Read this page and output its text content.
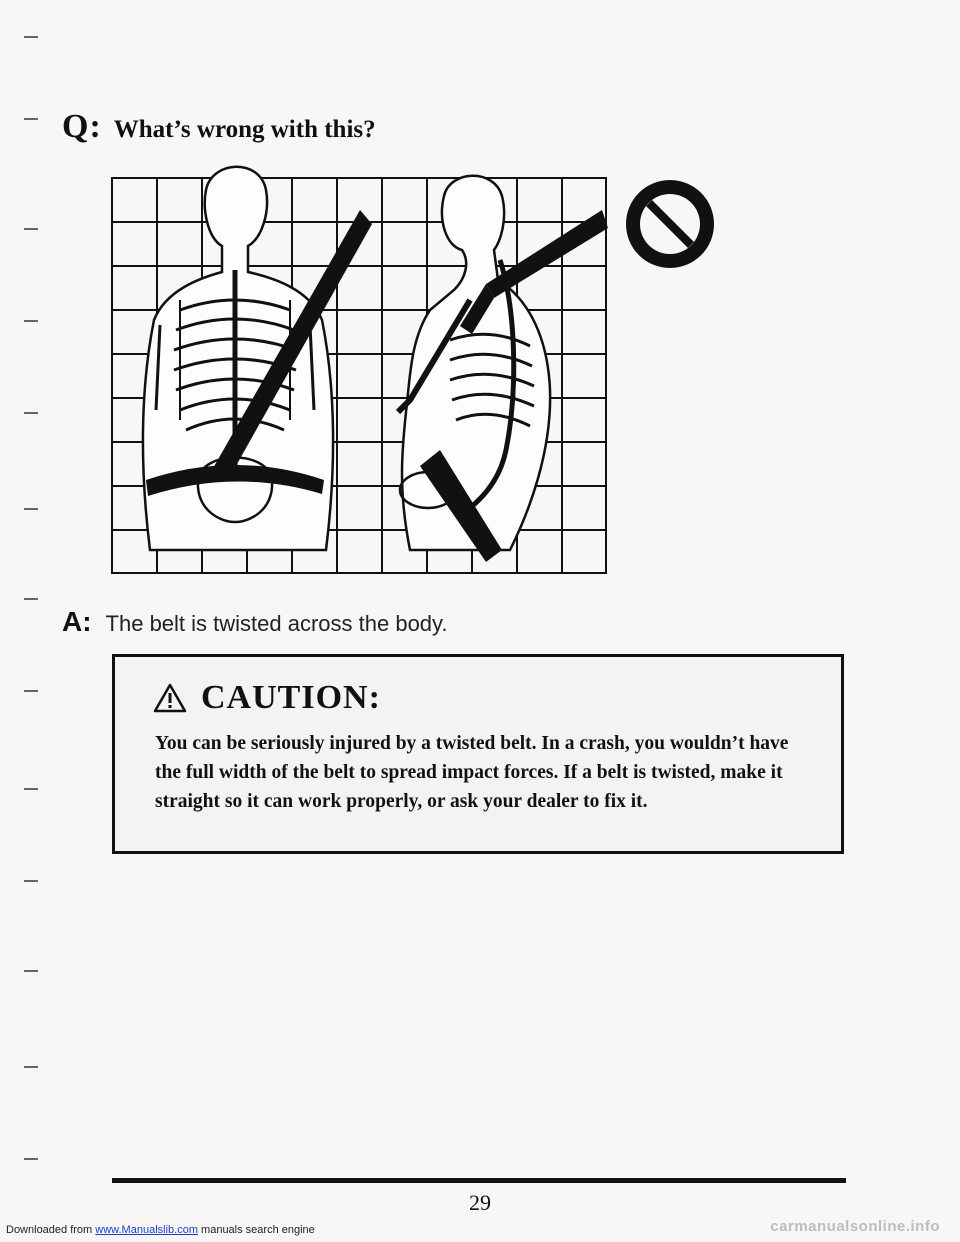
Q: What’s wrong with this?
A: The belt is twisted across the body.
CAUTION:
You can be seriously injured by a twisted belt. In a crash, you wouldn’t have the full width of the belt to spread impact forces. If a belt is twisted, make it straight so it can work properly, or ask your dealer to fix it.
29
Downloaded from www.Manualslib.com manuals search engine	carmanualsonline.info
